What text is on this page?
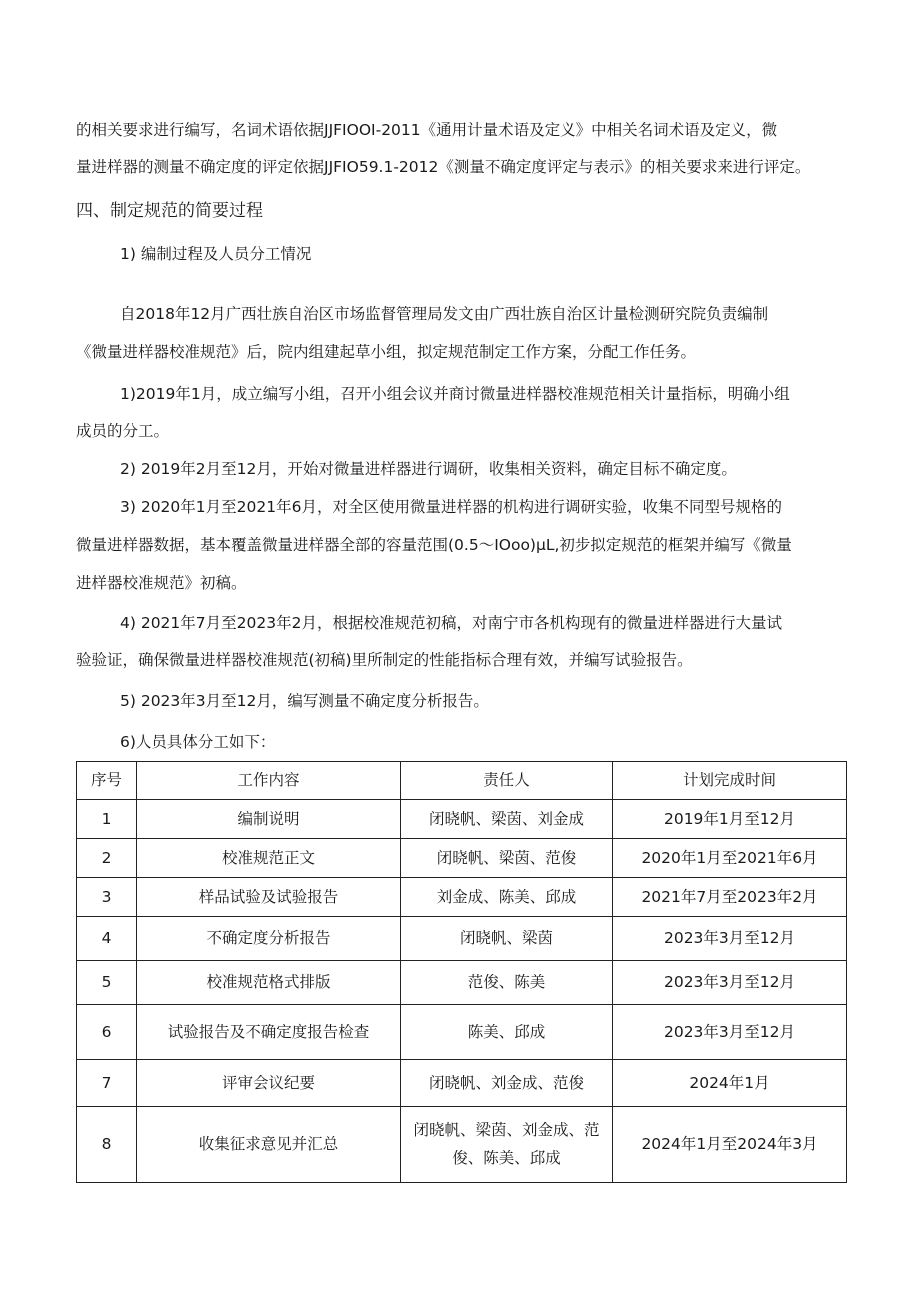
的相关要求进行编写，名词术语依据JJFIOOI-2011《通用计量术语及定义》中相关名词术语及定义，微
量进样器的测量不确定度的评定依据JJFIO59.1-2012《测量不确定度评定与表示》的相关要求来进行评定。
四、制定规范的简要过程
1) 编制过程及人员分工情况
自2018年12月广西壮族自治区市场监督管理局发文由广西壮族自治区计量检测研究院负责编制
《微量进样器校准规范》后，院内组建起草小组，拟定规范制定工作方案，分配工作任务。
1)2019年1月，成立编写小组，召开小组会议并商讨微量进样器校准规范相关计量指标，明确小组
成员的分工。
2) 2019年2月至12月，开始对微量进样器进行调研，收集相关资料，确定目标不确定度。
3) 2020年1月至2021年6月，对全区使用微量进样器的机构进行调研实验，收集不同型号规格的
微量进样器数据，基本覆盖微量进样器全部的容量范围(0.5～IOoo)μL,初步拟定规范的框架并编写《微量
进样器校准规范》初稿。
4) 2021年7月至2023年2月，根据校准规范初稿，对南宁市各机构现有的微量进样器进行大量试
验验证，确保微量进样器校准规范(初稿)里所制定的性能指标合理有效，并编写试验报告。
5) 2023年3月至12月，编写测量不确定度分析报告。
6)人员具体分工如下：
序号	工作内容	责任人	计划完成时间
1	编制说明	闭晓帆、梁茵、刘金成	2019年1月至12月
2	校准规范正文	闭晓帆、梁茵、范俊	2020年1月至2021年6月
3	样品试验及试验报告	刘金成、陈美、邱成	2021年7月至2023年2月
4	不确定度分析报告	闭晓帆、梁茵	2023年3月至12月
5	校准规范格式排版	范俊、陈美	2023年3月至12月
6	试验报告及不确定度报告检查	陈美、邱成	2023年3月至12月
7	评审会议纪要	闭晓帆、刘金成、范俊	2024年1月
8	收集征求意见并汇总	闭晓帆、梁茵、刘金成、范俊、陈美、邱成	2024年1月至2024年3月
